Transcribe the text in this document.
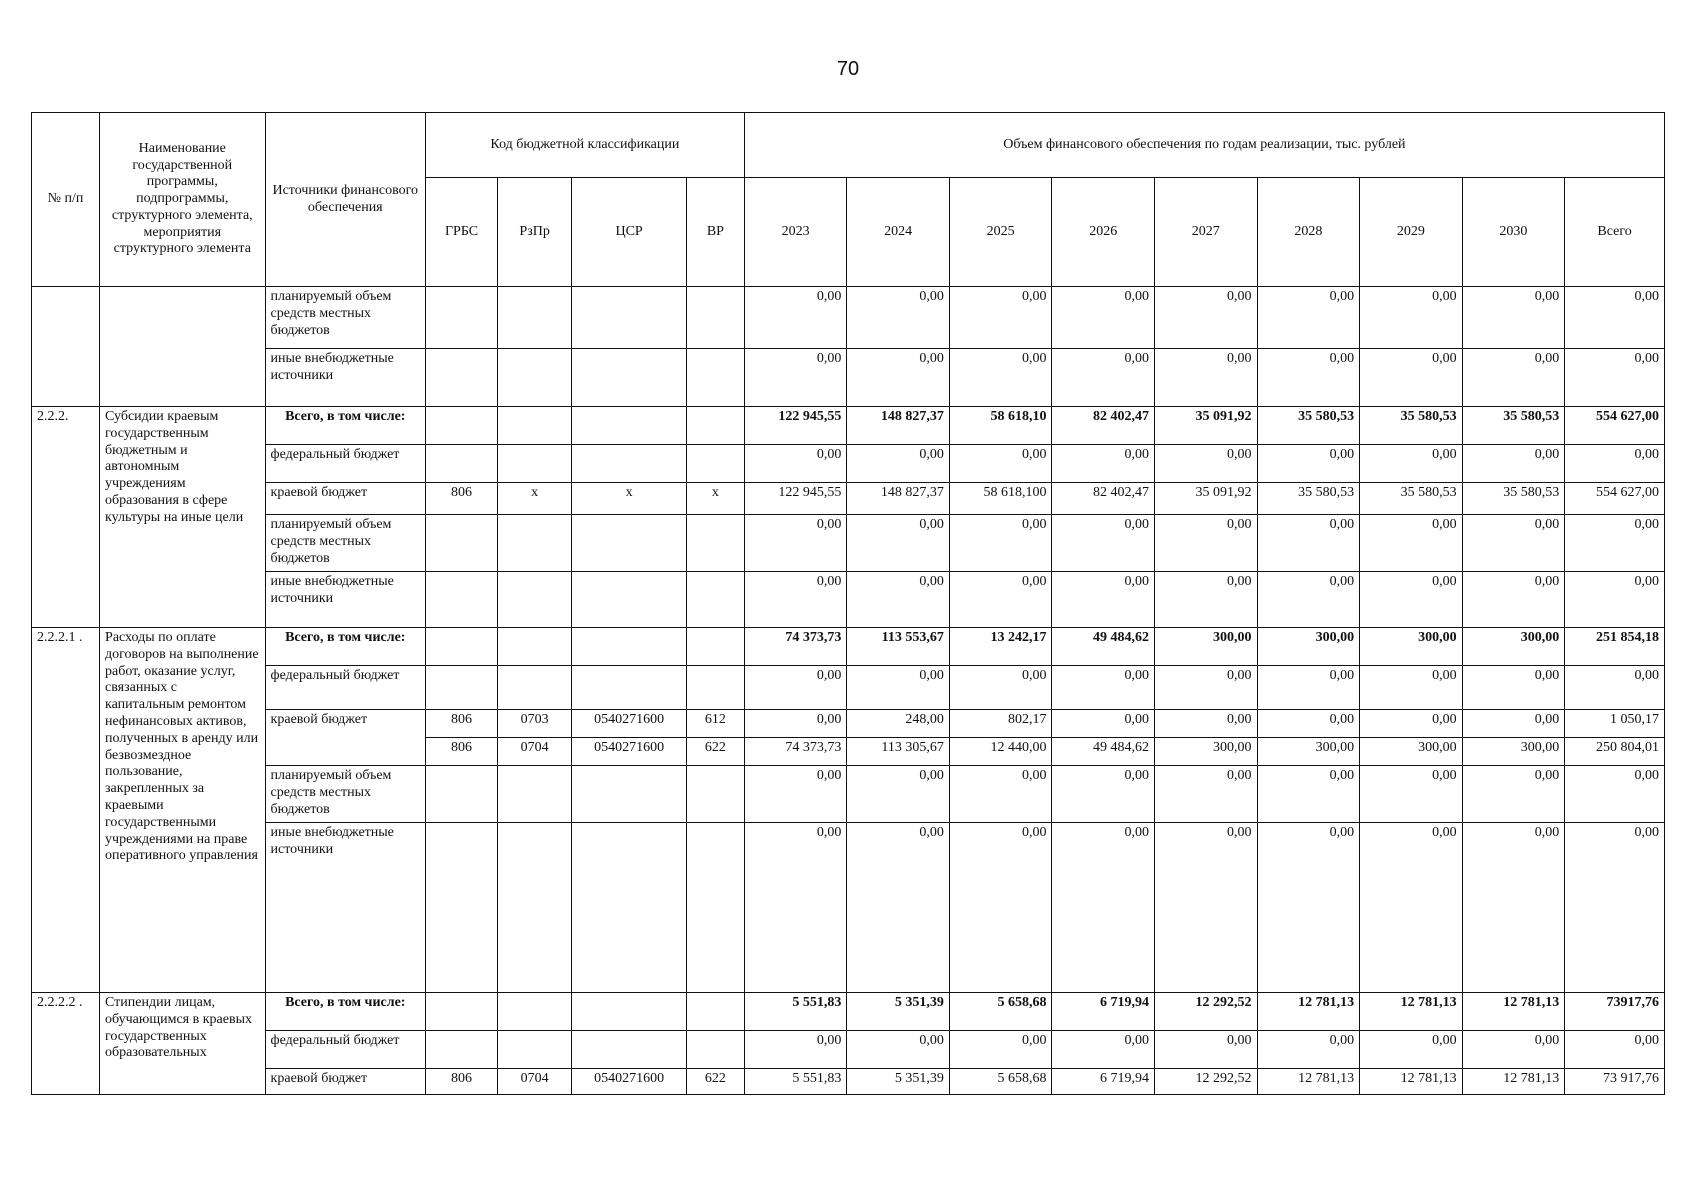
70
№ п/п	Наименование государственной программы, подпрограммы, структурного элемента, мероприятия структурного элемента	Источники финансового обеспечения	Код бюджетной классификации				Объем финансового обеспечения по годам реализации, тыс. рублей								
			ГРБС	РзПр	ЦСР	ВР	2023	2024	2025	2026	2027	2028	2029	2030	Всего
		планируемый объем средств местных бюджетов					0,00	0,00	0,00	0,00	0,00	0,00	0,00	0,00	0,00
		иные внебюджетные источники					0,00	0,00	0,00	0,00	0,00	0,00	0,00	0,00	0,00
2.2.2.	Субсидии краевым государственным бюджетным и автономным учреждениям образования в сфере культуры на иные цели	Всего, в том числе:					122 945,55	148 827,37	58 618,10	82 402,47	35 091,92	35 580,53	35 580,53	35 580,53	554 627,00
		федеральный бюджет					0,00	0,00	0,00	0,00	0,00	0,00	0,00	0,00	0,00
		краевой бюджет	806	х	х	х	122 945,55	148 827,37	58 618,100	82 402,47	35 091,92	35 580,53	35 580,53	35 580,53	554 627,00
		планируемый объем средств местных бюджетов					0,00	0,00	0,00	0,00	0,00	0,00	0,00	0,00	0,00
		иные внебюджетные источники					0,00	0,00	0,00	0,00	0,00	0,00	0,00	0,00	0,00
2.2.2.1 .	Расходы по оплате договоров на выполнение работ, оказание услуг, связанных с капитальным ремонтом нефинансовых активов, полученных в аренду или безвозмездное пользование, закрепленных за краевыми государственными учреждениями на праве оперативного управления	Всего, в том числе:					74 373,73	113 553,67	13 242,17	49 484,62	300,00	300,00	300,00	300,00	251 854,18
		федеральный бюджет					0,00	0,00	0,00	0,00	0,00	0,00	0,00	0,00	0,00
		краевой бюджет	806	0703	0540271600	612	0,00	248,00	802,17	0,00	0,00	0,00	0,00	0,00	1 050,17
			806	0704	0540271600	622	74 373,73	113 305,67	12 440,00	49 484,62	300,00	300,00	300,00	300,00	250 804,01
		планируемый объем средств местных бюджетов					0,00	0,00	0,00	0,00	0,00	0,00	0,00	0,00	0,00
		иные внебюджетные источники					0,00	0,00	0,00	0,00	0,00	0,00	0,00	0,00	0,00
2.2.2.2 .	Стипендии лицам, обучающимся в краевых государственных образовательных	Всего, в том числе:					5 551,83	5 351,39	5 658,68	6 719,94	12 292,52	12 781,13	12 781,13	12 781,13	73917,76
		федеральный бюджет					0,00	0,00	0,00	0,00	0,00	0,00	0,00	0,00	0,00
		краевой бюджет	806	0704	0540271600	622	5 551,83	5 351,39	5 658,68	6 719,94	12 292,52	12 781,13	12 781,13	12 781,13	73 917,76
